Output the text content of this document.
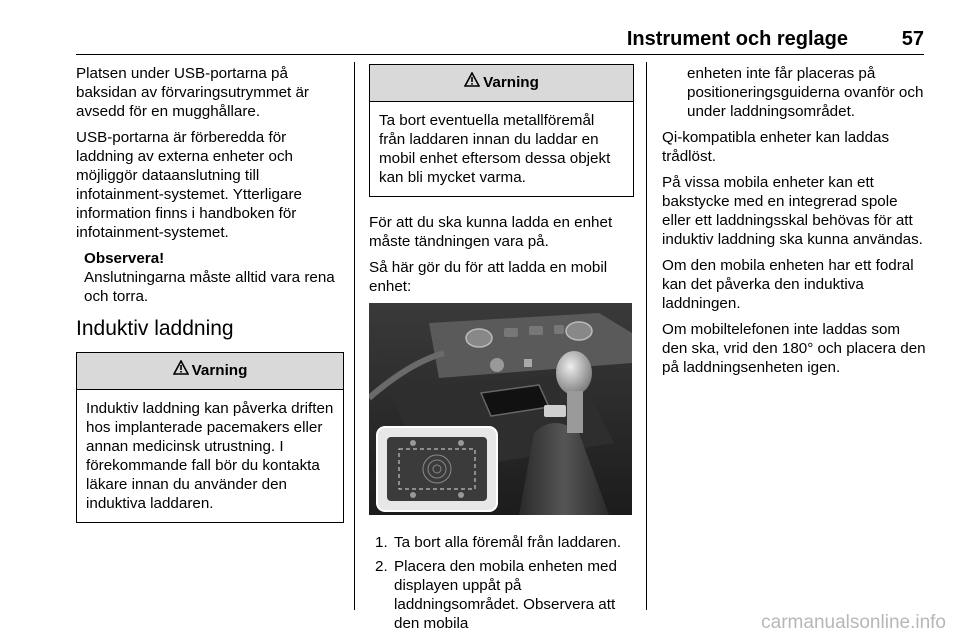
Instrument och reglage	57

Platsen under USB-portarna på baksidan av förvaringsutrymmet är avsedd för en mugghållare.

USB-portarna är förberedda för laddning av externa enheter och möjliggör dataanslutning till infotainment-systemet. Ytterligare information finns i handboken för infotainment-systemet.

Observera!
Anslutningarna måste alltid vara rena och torra.
Induktiv laddning
Varning
Induktiv laddning kan påverka driften hos implanterade pacemakers eller annan medicinsk utrustning. I förekommande fall bör du kontakta läkare innan du använder den induktiva laddaren.
Varning
Ta bort eventuella metallföremål från laddaren innan du laddar en mobil enhet eftersom dessa objekt kan bli mycket varma.

För att du ska kunna ladda en enhet måste tändningen vara på.

Så här gör du för att ladda en mobil enhet:

1. Ta bort alla föremål från laddaren.
2. Placera den mobila enheten med displayen uppåt på laddningsområdet. Observera att den mobila

enheten inte får placeras på positioneringsguiderna ovanför och under laddningsområdet.

Qi-kompatibla enheter kan laddas trådlöst.

På vissa mobila enheter kan ett bakstycke med en integrerad spole eller ett laddningsskal behövas för att induktiv laddning ska kunna användas.

Om den mobila enheten har ett fodral kan det påverka den induktiva laddningen.

Om mobiltelefonen inte laddas som den ska, vrid den 180° och placera den på laddningsenheten igen.

carmanualsonline.info
